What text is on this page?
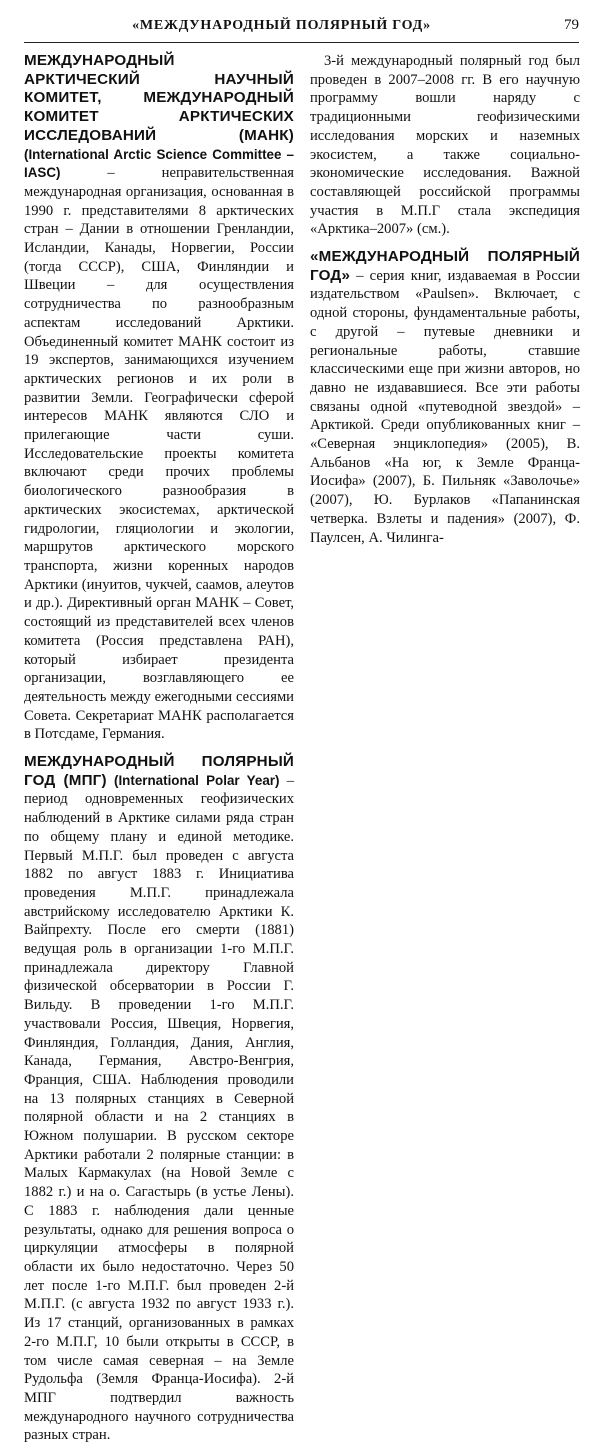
«МЕЖДУНАРОДНЫЙ ПОЛЯРНЫЙ ГОД»	79
МЕЖДУНАРОДНЫЙ АРКТИЧЕСКИЙ НАУЧНЫЙ КОМИТЕТ, МЕЖДУНАРОДНЫЙ КОМИТЕТ АРКТИЧЕСКИХ ИССЛЕДОВАНИЙ (МАНК) (International Arctic Science Committee – IASC) – неправительственная международная организация, основанная в 1990 г. представителями 8 арктических стран – Дании в отношении Гренландии, Исландии, Канады, Норвегии, России (тогда СССР), США, Финляндии и Швеции – для осуществления сотрудничества по разнообразным аспектам исследований Арктики. Объединенный комитет МАНК состоит из 19 экспертов, занимающихся изучением арктических регионов и их роли в развитии Земли. Географически сферой интересов МАНК являются СЛО и прилегающие части суши. Исследовательские проекты комитета включают среди прочих проблемы биологического разнообразия в арктических экосистемах, арктической гидрологии, гляциологии и экологии, маршрутов арктического морского транспорта, жизни коренных народов Арктики (инуитов, чукчей, саамов, алеутов и др.). Директивный орган МАНК – Совет, состоящий из представителей всех членов комитета (Россия представлена РАН), который избирает президента организации, возглавляющего ее деятельность между ежегодными сессиями Совета. Секретариат МАНК располагается в Потсдаме, Германия.
МЕЖДУНАРОДНЫЙ ПОЛЯРНЫЙ ГОД (МПГ) (International Polar Year) – период одновременных геофизических наблюдений в Арктике силами ряда стран по общему плану и единой методике. Первый М.П.Г. был проведен с августа 1882 по август 1883 г. Инициатива проведения М.П.Г. принадлежала австрийскому исследователю Арктики К. Вайпрехту. После его смерти (1881) ведущая роль в организации 1-го М.П.Г. принадлежала директору Главной физической обсерватории в России Г. Вильду. В проведении 1-го М.П.Г. участвовали Россия, Швеция, Норвегия, Финляндия, Голландия, Дания, Англия, Канада, Германия, Австро-Венгрия, Франция, США. Наблюдения проводили на 13 полярных станциях в Северной полярной области и на 2 станциях в Южном полушарии. В русском секторе Арктики работали 2 полярные станции: в Малых Кармакулах (на Новой Земле с 1882 г.) и на о. Сагастырь (в устье Лены). С 1883 г. наблюдения дали ценные результаты, однако для решения вопроса о циркуляции атмосферы в полярной области их было недостаточно. Через 50 лет после 1-го М.П.Г. был проведен 2-й М.П.Г. (с августа 1932 по август 1933 г.). Из 17 станций, организованных в рамках 2-го М.П.Г, 10 были открыты в СССР, в том числе самая северная – на Земле Рудольфа (Земля Франца-Иосифа). 2-й МПГ подтвердил важность международного научного сотрудничества разных стран.

3-й международный полярный год был проведен в 2007–2008 гг. В его научную программу вошли наряду с традиционными геофизическими исследования морских и наземных экосистем, а также социально-экономические исследования. Важной составляющей российской программы участия в М.П.Г стала экспедиция «Арктика–2007» (см.).

«МЕЖДУНАРОДНЫЙ ПОЛЯРНЫЙ ГОД» – серия книг, издаваемая в России издательством «Paulsen». Включает, с одной стороны, фундаментальные работы, с другой – путевые дневники и региональные работы, ставшие классическими еще при жизни авторов, но давно не издававшиеся. Все эти работы связаны одной «путеводной звездой» – Арктикой. Среди опубликованных книг – «Северная энциклопедия» (2005), В. Альбанов «На юг, к Земле Франца-Иосифа» (2007), Б. Пильняк «Заволочье» (2007), Ю. Бурлаков «Папанинская четверка. Взлеты и падения» (2007), Ф. Паулсен, А. Чилинга-
